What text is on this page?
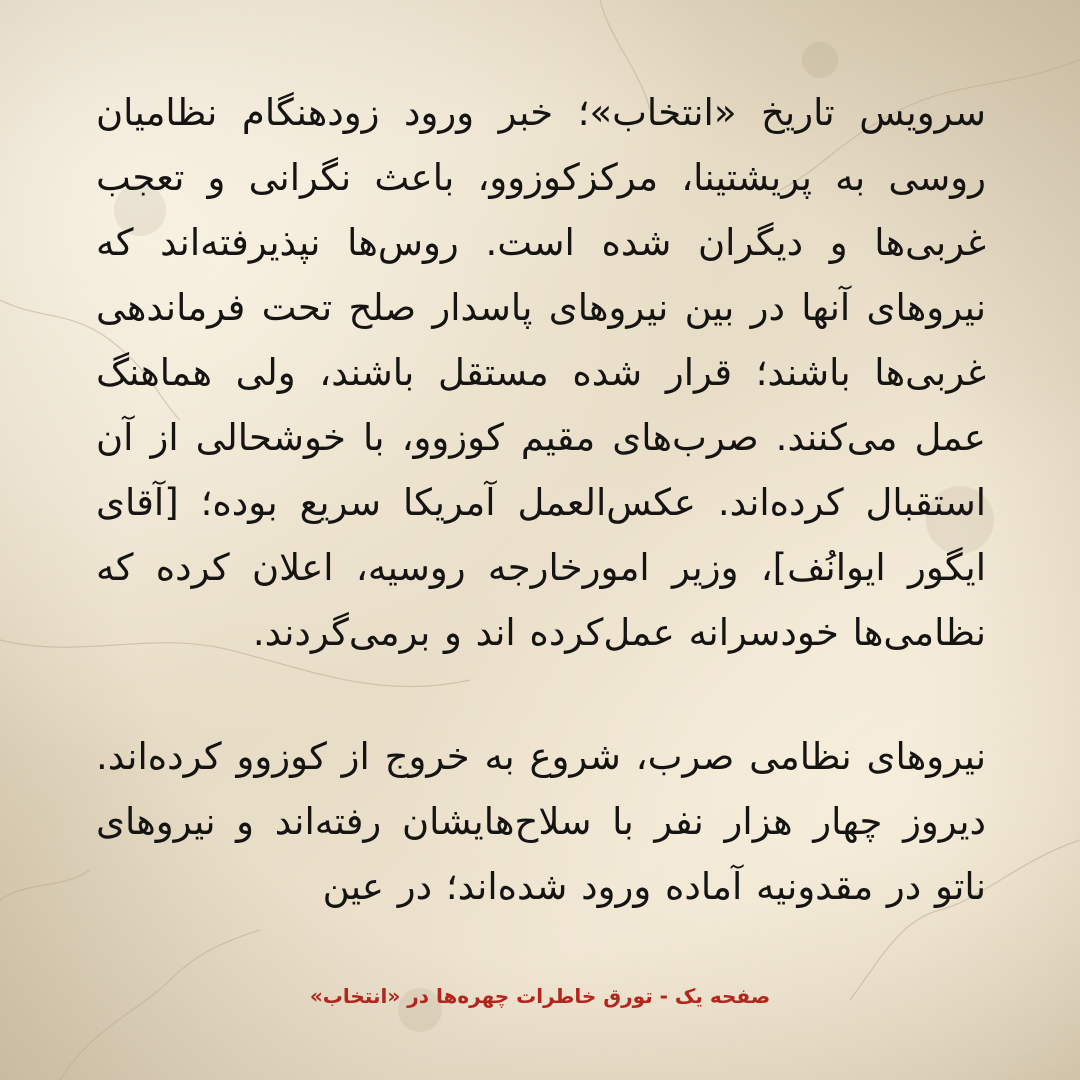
سرویس تاریخ «انتخاب»؛ خبر ورود زودهنگام نظامیان روسی به پریشتینا، مرکزکوزوو، باعث نگرانی و تعجب غربی‌ها و دیگران شده است. روس‌ها نپذیرفته‌اند که نیروهای آنها در بین نیروهای پاسدار صلح تحت فرماندهی غربی‌ها باشند؛ قرار شده مستقل باشند، ولی هماهنگ عمل می‌کنند. صرب‌های مقیم کوزوو، با خوشحالی از آن استقبال کرده‌اند. عکس‌العمل آمریکا سریع بوده؛ [آقای ایگور ایوانُف]، وزیر امورخارجه روسیه، اعلان کرده که نظامی‌ها خودسرانه عمل‌کرده اند و برمی‌گردند.

نیروهای نظامی صرب، شروع به خروج از کوزوو کرده‌اند. دیروز چهار هزار نفر با سلاح‌هایشان رفته‌اند و نیروهای ناتو در مقدونیه آماده ورود شده‌اند؛ در عین

صفحه یک - تورق خاطرات چهره‌ها در «انتخاب»
